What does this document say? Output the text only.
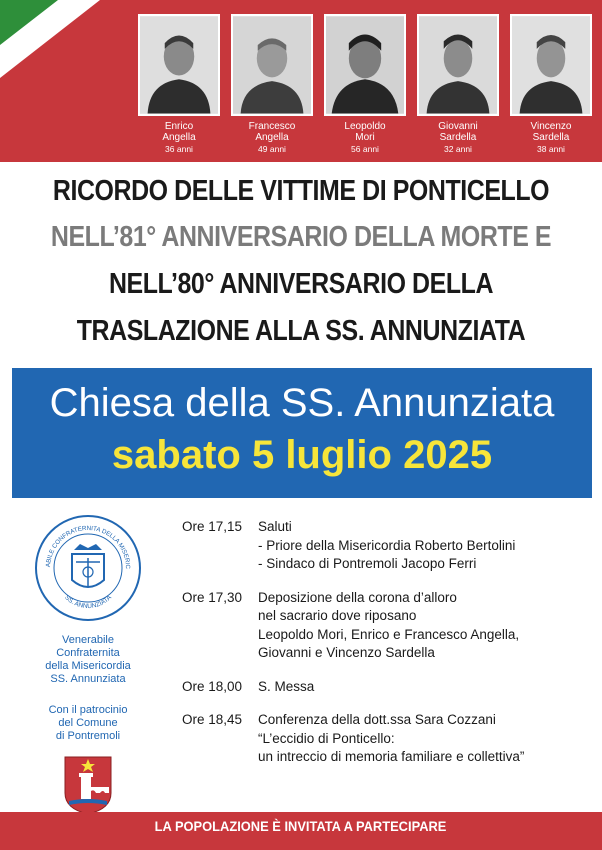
Enrico
Angella
36 anni
Francesco
Angella
49 anni
Leopoldo
Mori
56 anni
Giovanni
Sardella
32 anni
Vincenzo
Sardella
38 anni
RICORDO DELLE VITTIME DI PONTICELLO
NELL’81° ANNIVERSARIO DELLA MORTE E
NELL’80° ANNIVERSARIO DELLA
TRASLAZIONE ALLA SS. ANNUNZIATA
Chiesa della SS. Annunziata
sabato 5 luglio 2025
ABILE CONFRATERNITA DELLA MISERIC
SS. ANNUNZIATA
Venerabile
Confraternita
della Misericordia
SS. Annunziata
Con il patrocinio
del Comune
di Pontremoli
Ore 17,15 Saluti
- Priore della Misericordia Roberto Bertolini
- Sindaco di Pontremoli Jacopo Ferri
Ore 17,30 Deposizione della corona d’alloro
nel sacrario dove riposano
Leopoldo Mori, Enrico e Francesco Angella,
Giovanni e Vincenzo Sardella
Ore 18,00 S. Messa
Ore 18,45 Conferenza della dott.ssa Sara Cozzani
“L’eccidio di Ponticello:
un intreccio di memoria familiare e collettiva”
LA POPOLAZIONE È INVITATA A PARTECIPARE
